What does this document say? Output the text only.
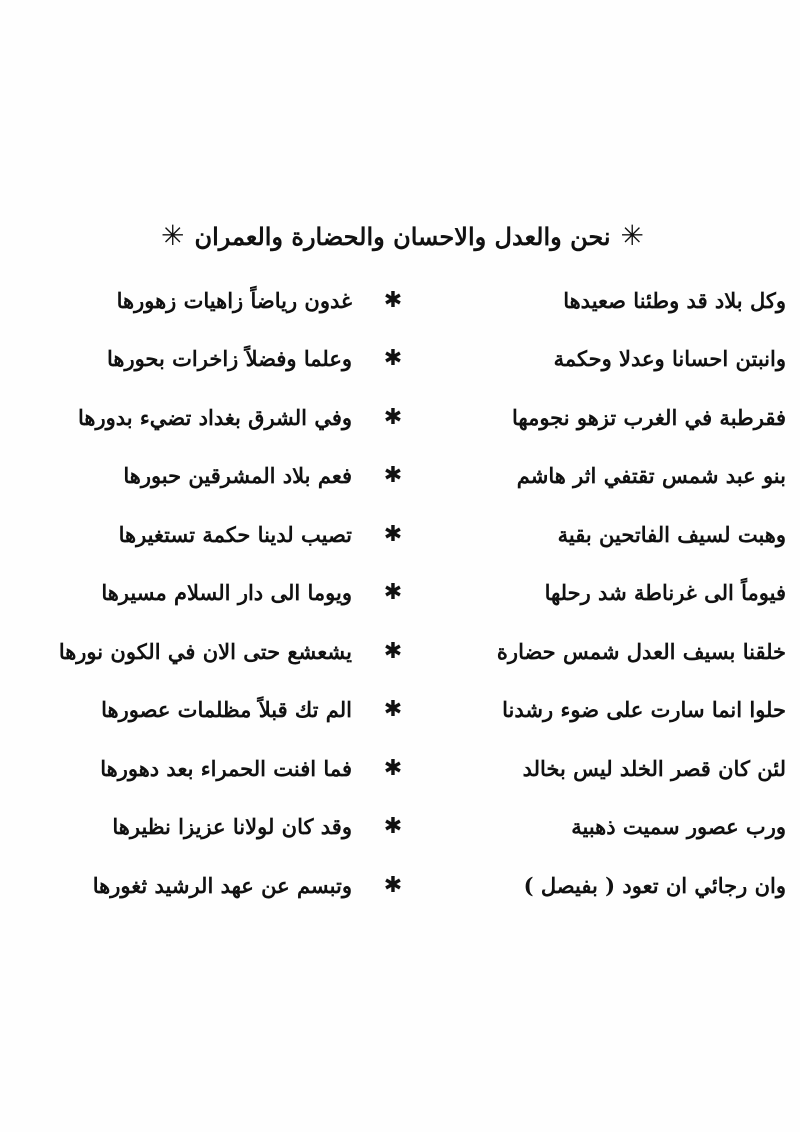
✳
نحن والعدل والاحسان والحضارة والعمران
✳
وكل بلاد قد وطئنا صعيدها
✱
غدون رياضاً زاهيات زهورها
وانبتن احسانا وعدلا وحكمة
✱
وعلما وفضلاً زاخرات بحورها
فقرطبة في الغرب تزهو نجومها
✱
وفي الشرق بغداد تضيء بدورها
بنو عبد شمس تقتفي اثر هاشم
✱
فعم بلاد المشرقين حبورها
وهبت لسيف الفاتحين بقية
✱
تصيب لدينا حكمة تستغيرها
فيوماً الى غرناطة شد رحلها
✱
ويوما الى دار السلام مسيرها
خلقنا بسيف العدل شمس حضارة
✱
يشعشع حتى الان في الكون نورها
حلوا انما سارت على ضوء رشدنا
✱
الم تك قبلاً مظلمات عصورها
لئن كان قصر الخلد ليس بخالد
✱
فما افنت الحمراء بعد دهورها
ورب عصور سميت ذهبية
✱
وقد كان لولانا عزيزا نظيرها
وان رجائي ان تعود ( بفيصل )
✱
وتبسم عن عهد الرشيد ثغورها
